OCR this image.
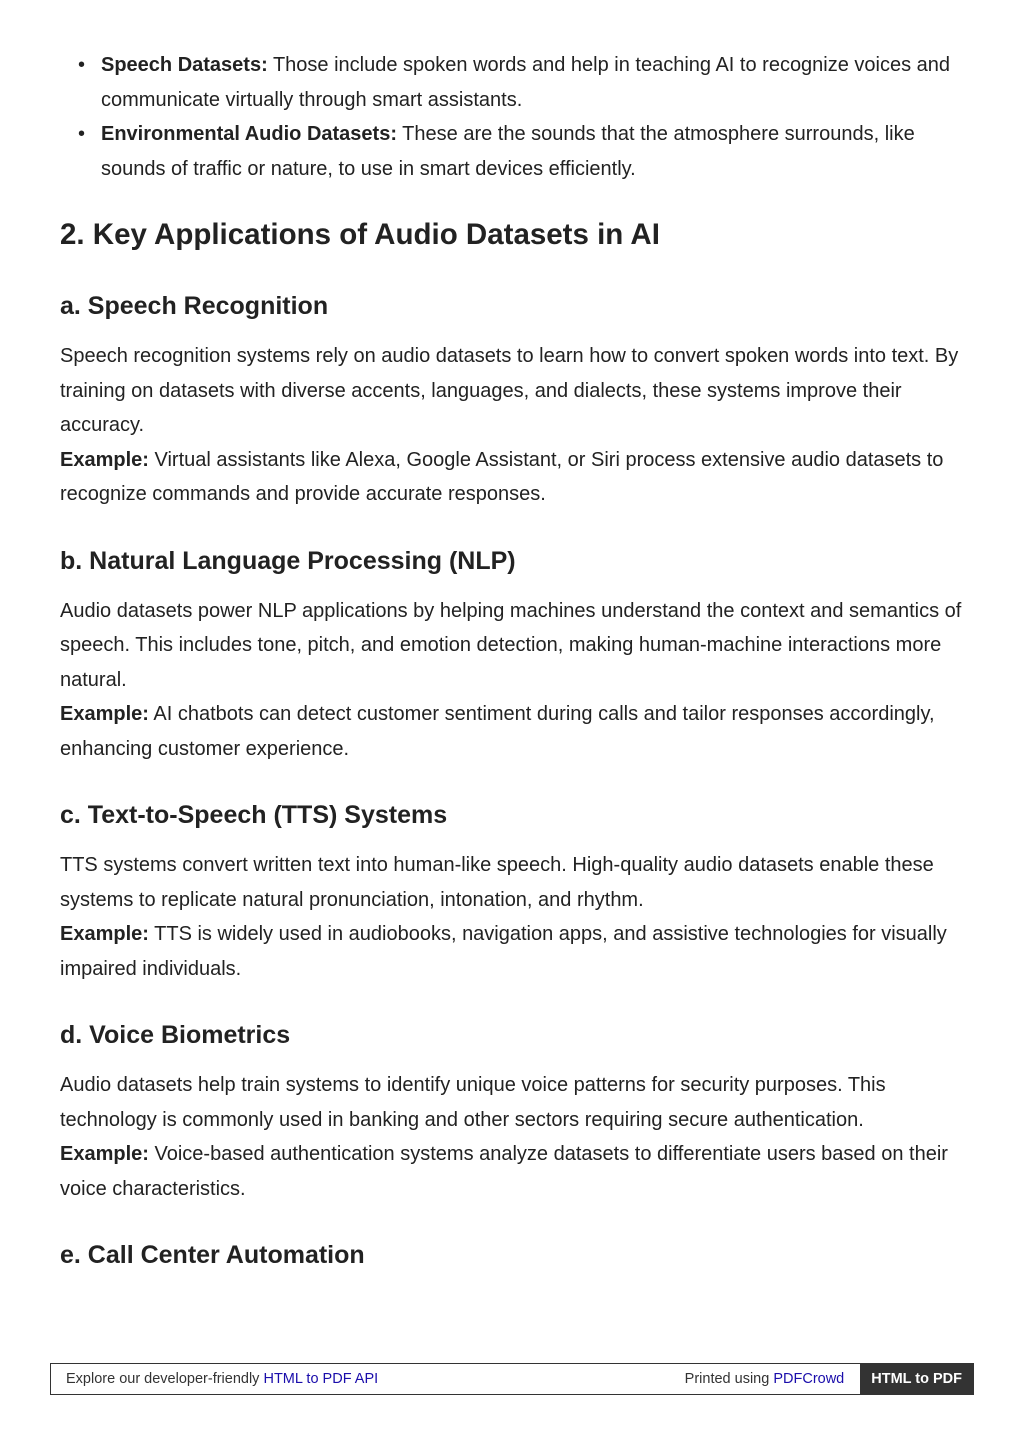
• Speech Datasets: Those include spoken words and help in teaching AI to recognize voices and communicate virtually through smart assistants.
• Environmental Audio Datasets: These are the sounds that the atmosphere surrounds, like sounds of traffic or nature, to use in smart devices efficiently.
2. Key Applications of Audio Datasets in AI
a. Speech Recognition

Speech recognition systems rely on audio datasets to learn how to convert spoken words into text. By training on datasets with diverse accents, languages, and dialects, these systems improve their accuracy.
Example: Virtual assistants like Alexa, Google Assistant, or Siri process extensive audio datasets to recognize commands and provide accurate responses.

b. Natural Language Processing (NLP)

Audio datasets power NLP applications by helping machines understand the context and semantics of speech. This includes tone, pitch, and emotion detection, making human-machine interactions more natural.
Example: AI chatbots can detect customer sentiment during calls and tailor responses accordingly, enhancing customer experience.

c. Text-to-Speech (TTS) Systems

TTS systems convert written text into human-like speech. High-quality audio datasets enable these systems to replicate natural pronunciation, intonation, and rhythm.
Example: TTS is widely used in audiobooks, navigation apps, and assistive technologies for visually impaired individuals.

d. Voice Biometrics

Audio datasets help train systems to identify unique voice patterns for security purposes. This technology is commonly used in banking and other sectors requiring secure authentication.
Example: Voice-based authentication systems analyze datasets to differentiate users based on their voice characteristics.

e. Call Center Automation
Explore our developer-friendly HTML to PDF API	Printed using PDFCrowd	HTML to PDF
